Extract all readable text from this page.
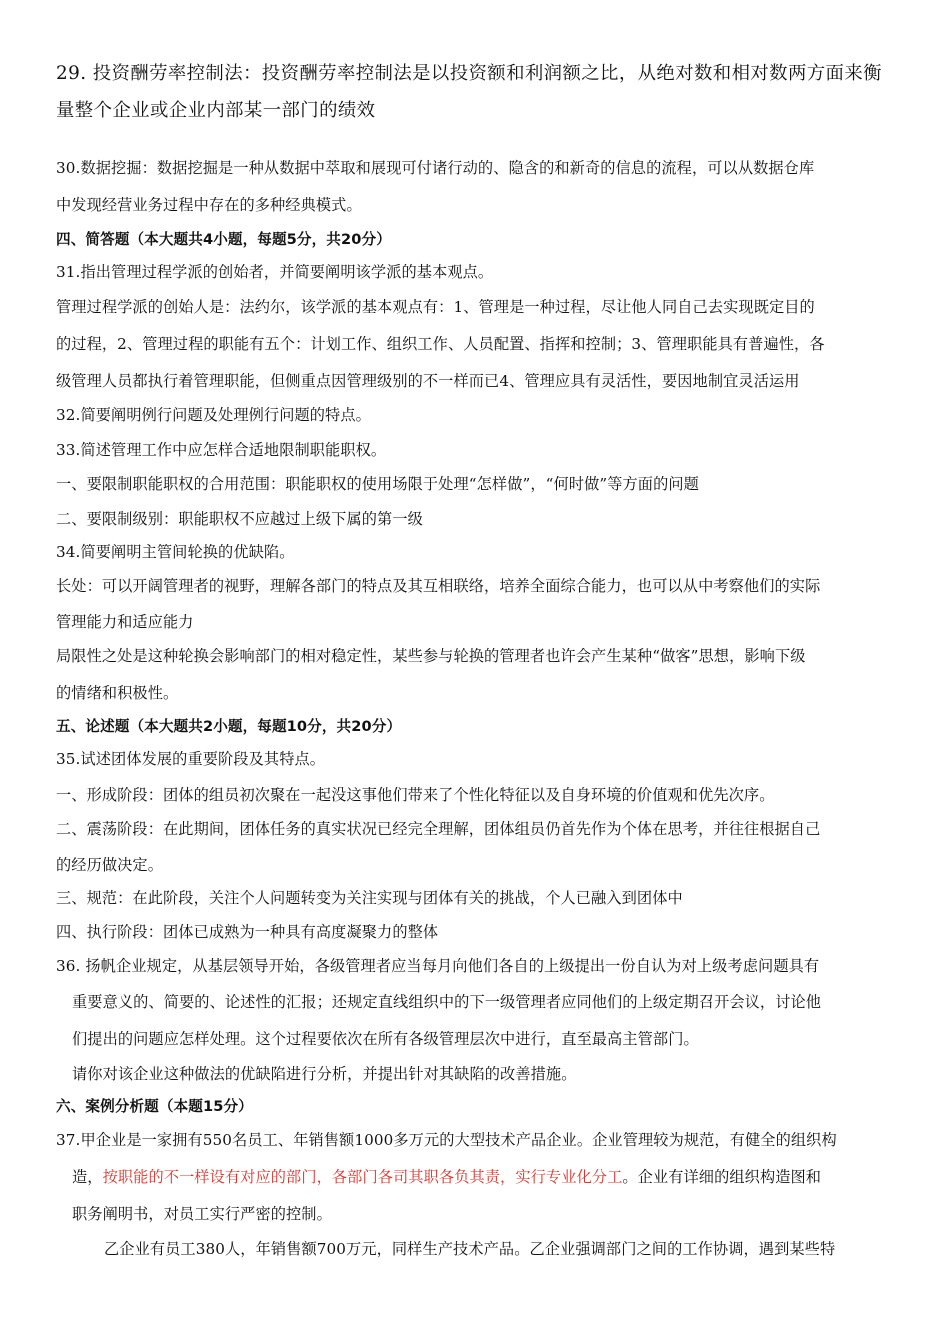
29. 投资酬劳率控制法：投资酬劳率控制法是以投资额和利润额之比，从绝对数和相对数两方面来衡
量整个企业或企业内部某一部门的绩效
30.数据挖掘：数据挖掘是一种从数据中萃取和展现可付诸行动的、隐含的和新奇的信息的流程，可以从数据仓库
中发现经营业务过程中存在的多种经典模式。
四、简答题（本大题共4小题，每题5分，共20分）
31.指出管理过程学派的创始者，并简要阐明该学派的基本观点。
管理过程学派的创始人是：法约尔，该学派的基本观点有：1、管理是一种过程，尽让他人同自己去实现既定目的
的过程，2、管理过程的职能有五个：计划工作、组织工作、人员配置、指挥和控制；3、管理职能具有普遍性，各
级管理人员都执行着管理职能，但侧重点因管理级别的不一样而已4、管理应具有灵活性，要因地制宜灵活运用
32.简要阐明例行问题及处理例行问题的特点。
33.简述管理工作中应怎样合适地限制职能职权。
一、要限制职能职权的合用范围：职能职权的使用场限于处理“怎样做”，“何时做”等方面的问题
二、要限制级别：职能职权不应越过上级下属的第一级
34.简要阐明主管间轮换的优缺陷。
长处：可以开阔管理者的视野，理解各部门的特点及其互相联络，培养全面综合能力，也可以从中考察他们的实际
管理能力和适应能力
局限性之处是这种轮换会影响部门的相对稳定性，某些参与轮换的管理者也许会产生某种“做客”思想，影响下级
的情绪和积极性。
五、论述题（本大题共2小题，每题10分，共20分）
35.试述团体发展的重要阶段及其特点。
一、形成阶段：团体的组员初次聚在一起没这事他们带来了个性化特征以及自身环境的价值观和优先次序。
二、震荡阶段：在此期间，团体任务的真实状况已经完全理解，团体组员仍首先作为个体在思考，并往往根据自己
的经历做决定。
三、规范：在此阶段，关注个人问题转变为关注实现与团体有关的挑战，个人已融入到团体中
四、执行阶段：团体已成熟为一种具有高度凝聚力的整体
36. 扬帆企业规定，从基层领导开始，各级管理者应当每月向他们各自的上级提出一份自认为对上级考虑问题具有
重要意义的、简要的、论述性的汇报；还规定直线组织中的下一级管理者应同他们的上级定期召开会议，讨论他
们提出的问题应怎样处理。这个过程要依次在所有各级管理层次中进行，直至最高主管部门。
请你对该企业这种做法的优缺陷进行分析，并提出针对其缺陷的改善措施。
六、案例分析题（本题15分）
37.甲企业是一家拥有550名员工、年销售额1000多万元的大型技术产品企业。企业管理较为规范，有健全的组织构
造，按职能的不一样设有对应的部门，各部门各司其职各负其责，实行专业化分工。企业有详细的组织构造图和
职务阐明书，对员工实行严密的控制。
乙企业有员工380人，年销售额700万元，同样生产技术产品。乙企业强调部门之间的工作协调，遇到某些特
